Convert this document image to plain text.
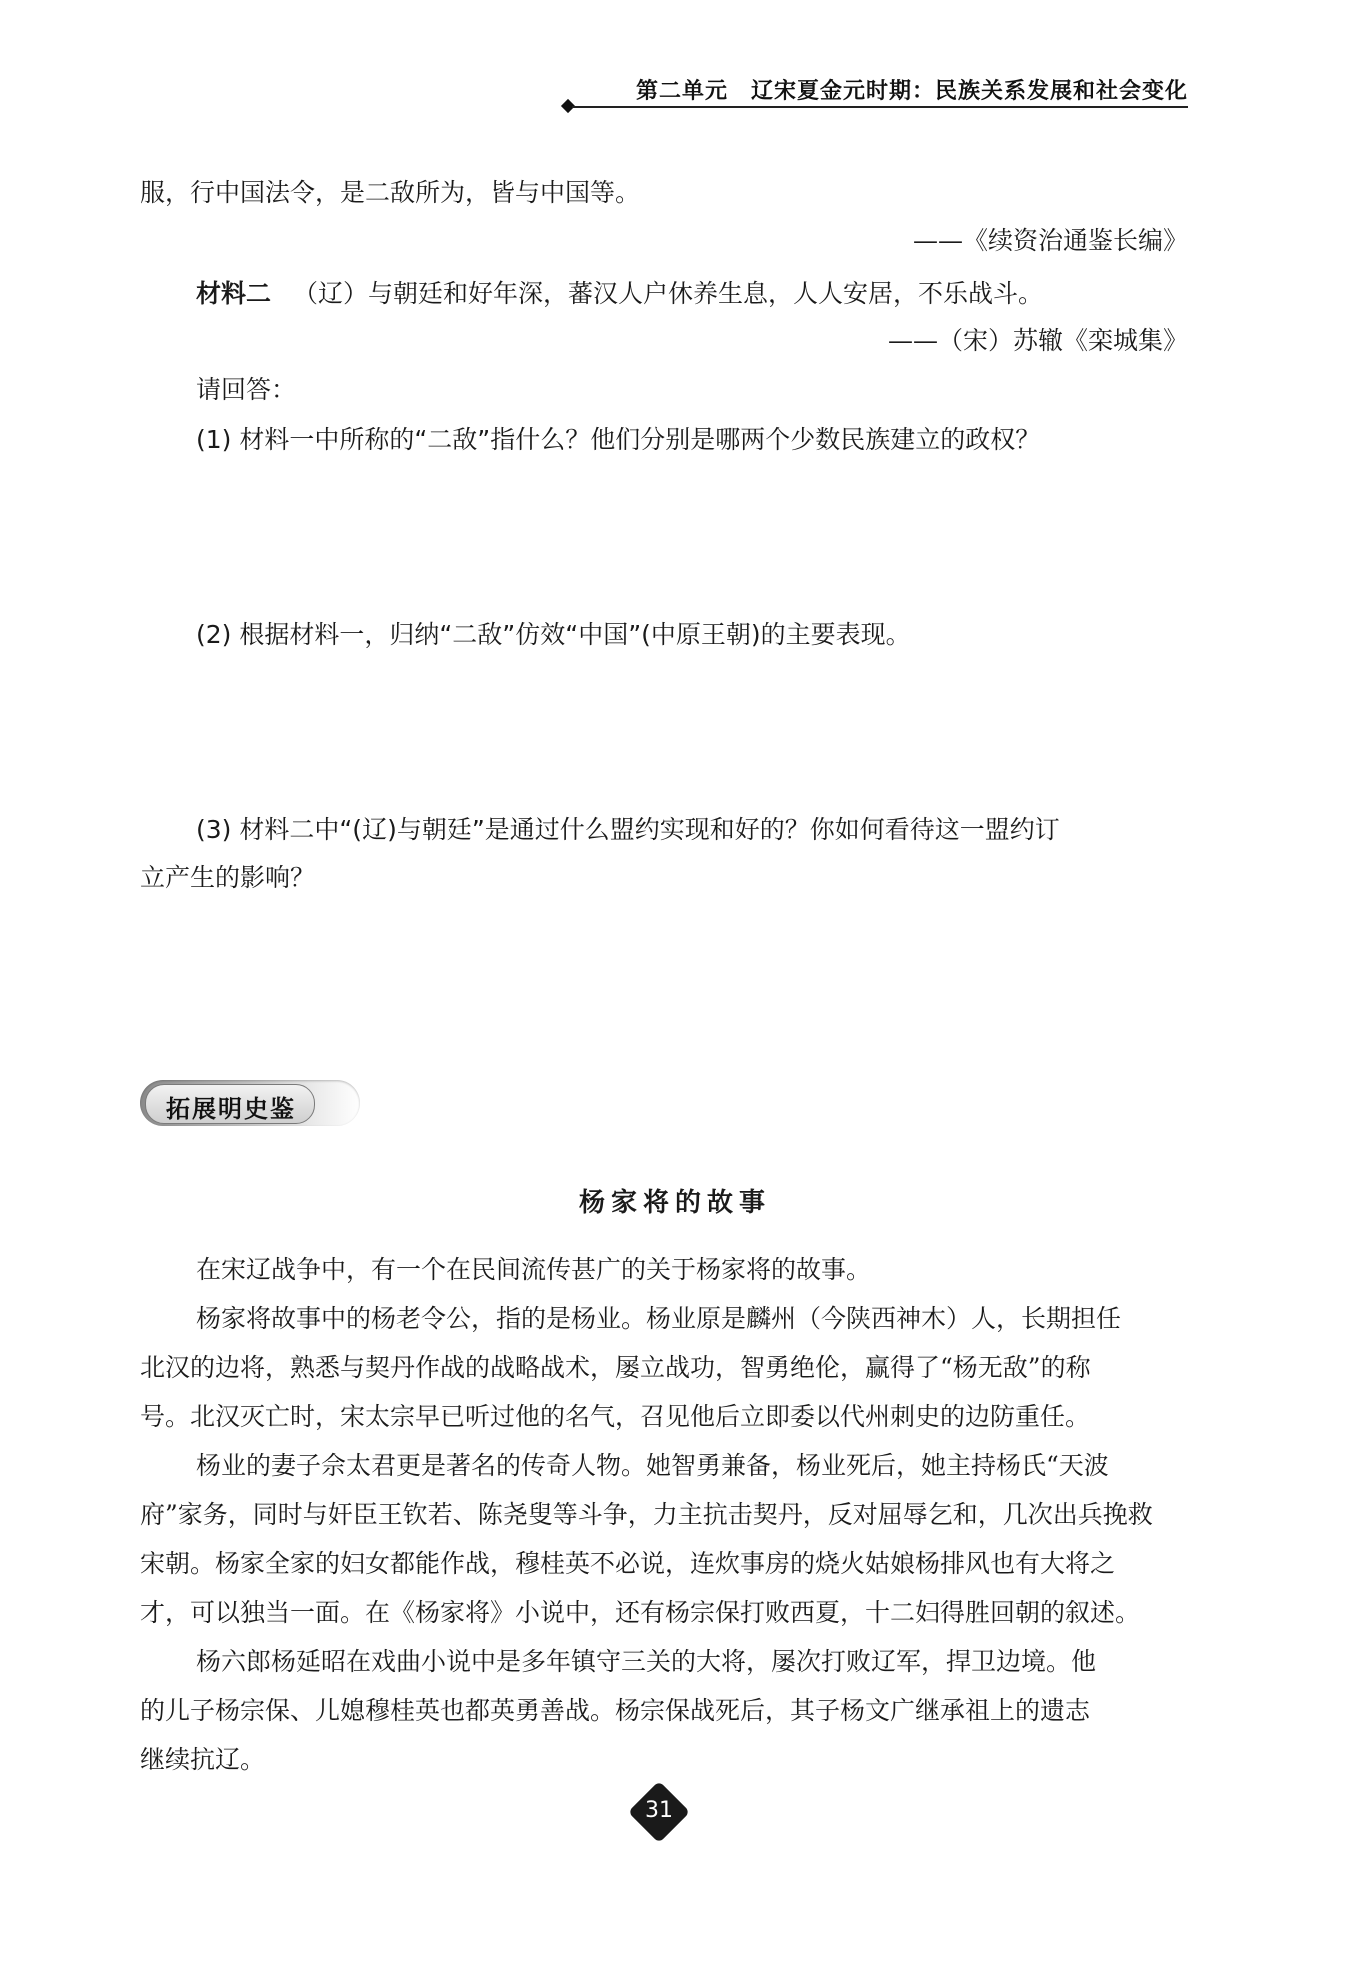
第二单元　辽宋夏金元时期：民族关系发展和社会变化
服，行中国法令，是二敌所为，皆与中国等。
——《续资治通鉴长编》
材料二 （辽）与朝廷和好年深，蕃汉人户休养生息，人人安居，不乐战斗。
——（宋）苏辙《栾城集》
请回答：
(1) 材料一中所称的“二敌”指什么？他们分别是哪两个少数民族建立的政权？
(2) 根据材料一，归纳“二敌”仿效“中国”(中原王朝)的主要表现。
(3) 材料二中“(辽)与朝廷”是通过什么盟约实现和好的？你如何看待这一盟约订
立产生的影响？
拓展明史鉴
杨家将的故事
在宋辽战争中，有一个在民间流传甚广的关于杨家将的故事。
杨家将故事中的杨老令公，指的是杨业。杨业原是麟州（今陕西神木）人，长期担任
北汉的边将，熟悉与契丹作战的战略战术，屡立战功，智勇绝伦，赢得了“杨无敌”的称
号。北汉灭亡时，宋太宗早已听过他的名气，召见他后立即委以代州刺史的边防重任。
杨业的妻子佘太君更是著名的传奇人物。她智勇兼备，杨业死后，她主持杨氏“天波
府”家务，同时与奸臣王钦若、陈尧叟等斗争，力主抗击契丹，反对屈辱乞和，几次出兵挽救
宋朝。杨家全家的妇女都能作战，穆桂英不必说，连炊事房的烧火姑娘杨排风也有大将之
才，可以独当一面。在《杨家将》小说中，还有杨宗保打败西夏，十二妇得胜回朝的叙述。
杨六郎杨延昭在戏曲小说中是多年镇守三关的大将，屡次打败辽军，捍卫边境。他
的儿子杨宗保、儿媳穆桂英也都英勇善战。杨宗保战死后，其子杨文广继承祖上的遗志
继续抗辽。
31
